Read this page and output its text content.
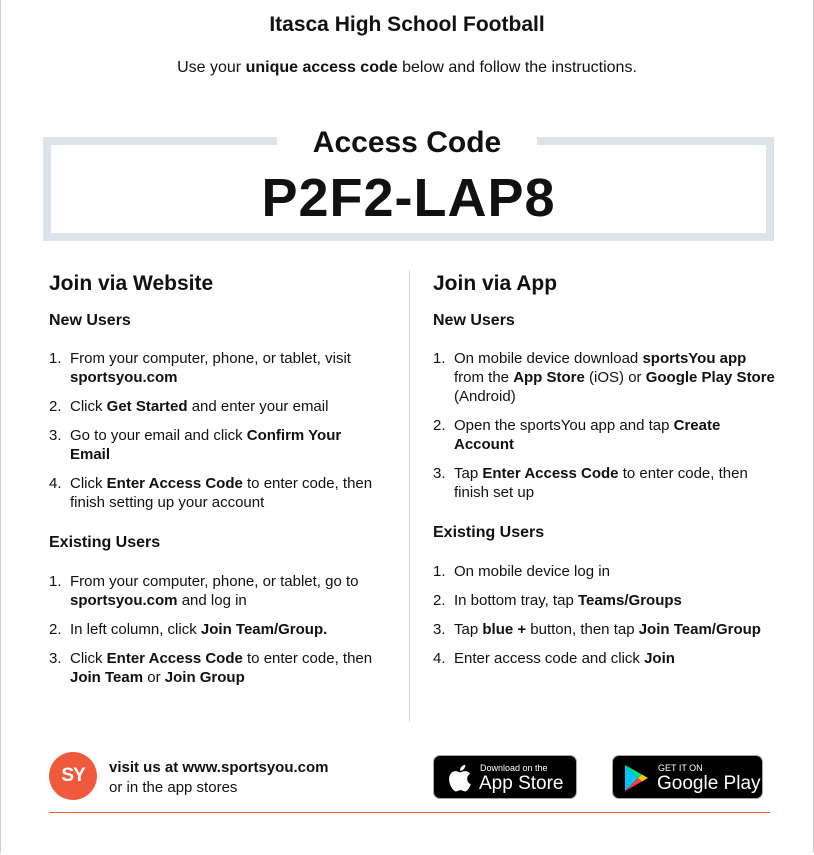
Itasca High School Football
Use your unique access code below and follow the instructions.
Access Code
P2F2-LAP8
Join via Website
New Users
1. From your computer, phone, or tablet, visit sportsyou.com
2. Click Get Started and enter your email
3. Go to your email and click Confirm Your Email
4. Click Enter Access Code to enter code, then finish setting up your account
Existing Users
1. From your computer, phone, or tablet, go to sportsyou.com and log in
2. In left column, click Join Team/Group.
3. Click Enter Access Code to enter code, then Join Team or Join Group
Join via App
New Users
1. On mobile device download sportsYou app from the App Store (iOS) or Google Play Store (Android)
2. Open the sportsYou app and tap Create Account
3. Tap Enter Access Code to enter code, then finish set up
Existing Users
1. On mobile device log in
2. In bottom tray, tap Teams/Groups
3. Tap blue + button, then tap Join Team/Group
4. Enter access code and click Join
SY	visit us at www.sportsyou.com
or in the app stores
Download on the
App Store
GET IT ON
Google Play
